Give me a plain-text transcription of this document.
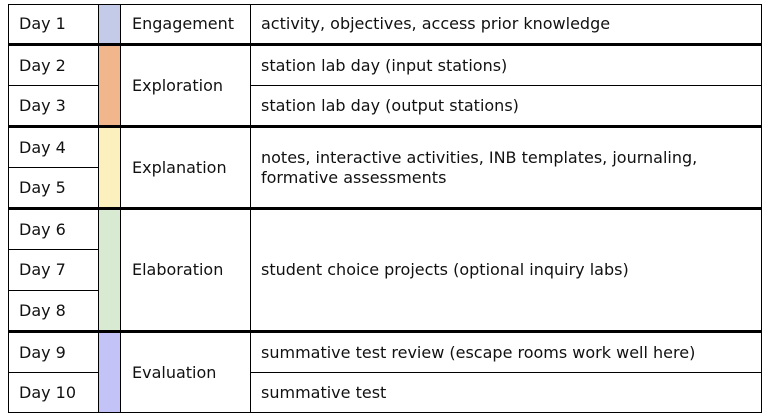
Day 1		Engagement	activity, objectives, access prior knowledge
Day 2		Exploration	station lab day (input stations)
Day 3			station lab day (output stations)
Day 4		Explanation	notes, interactive activities, INB templates, journaling, formative assessments
Day 5			
Day 6		Elaboration	student choice projects (optional inquiry labs)
Day 7			
Day 8			
Day 9		Evaluation	summative test review (escape rooms work well here)
Day 10			summative test
